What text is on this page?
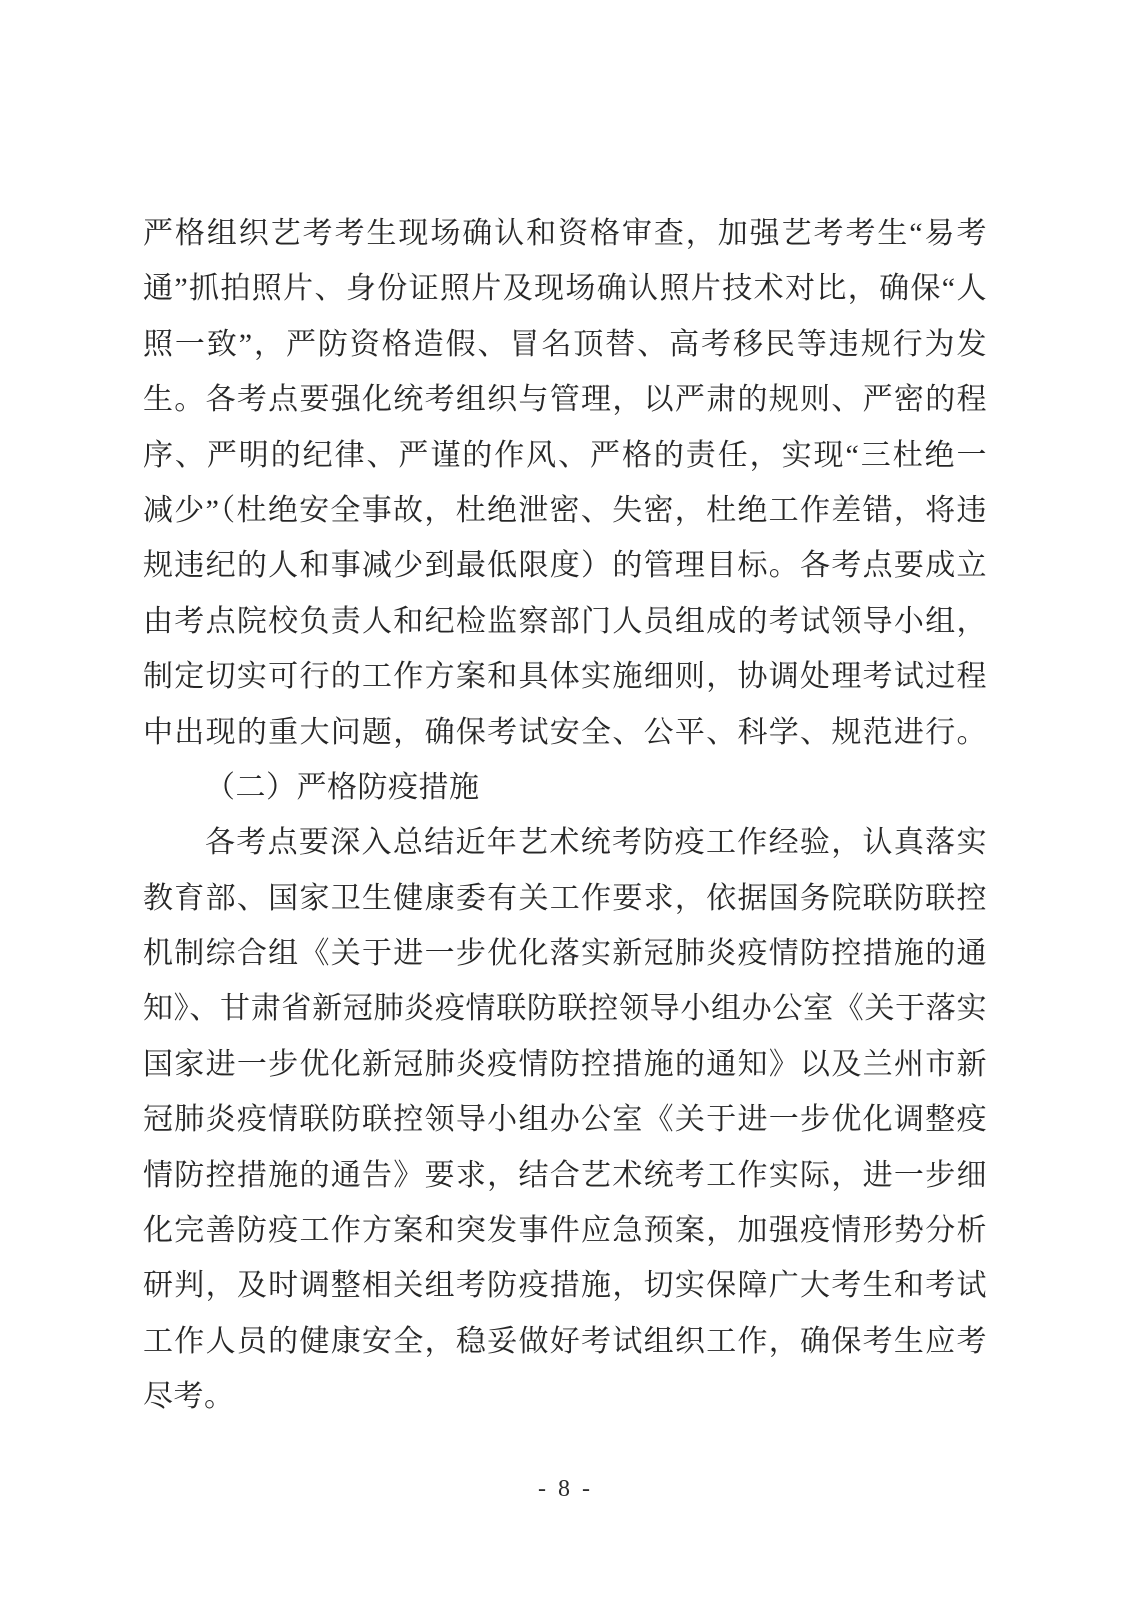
严格组织艺考考生现场确认和资格审查，加强艺考考生“易考
通”抓拍照片、身份证照片及现场确认照片技术对比，确保“人
照一致”，严防资格造假、冒名顶替、高考移民等违规行为发
生。各考点要强化统考组织与管理，以严肃的规则、严密的程
序、严明的纪律、严谨的作风、严格的责任，实现“三杜绝一
减少”（杜绝安全事故，杜绝泄密、失密，杜绝工作差错，将违
规违纪的人和事减少到最低限度）的管理目标。各考点要成立
由考点院校负责人和纪检监察部门人员组成的考试领导小组，
制定切实可行的工作方案和具体实施细则，协调处理考试过程
中出现的重大问题，确保考试安全、公平、科学、规范进行。
（二）严格防疫措施
各考点要深入总结近年艺术统考防疫工作经验，认真落实
教育部、国家卫生健康委有关工作要求，依据国务院联防联控
机制综合组《关于进一步优化落实新冠肺炎疫情防控措施的通
知》、甘肃省新冠肺炎疫情联防联控领导小组办公室《关于落实
国家进一步优化新冠肺炎疫情防控措施的通知》以及兰州市新
冠肺炎疫情联防联控领导小组办公室《关于进一步优化调整疫
情防控措施的通告》要求，结合艺术统考工作实际，进一步细
化完善防疫工作方案和突发事件应急预案，加强疫情形势分析
研判，及时调整相关组考防疫措施，切实保障广大考生和考试
工作人员的健康安全，稳妥做好考试组织工作，确保考生应考
尽考。
- 8 -
